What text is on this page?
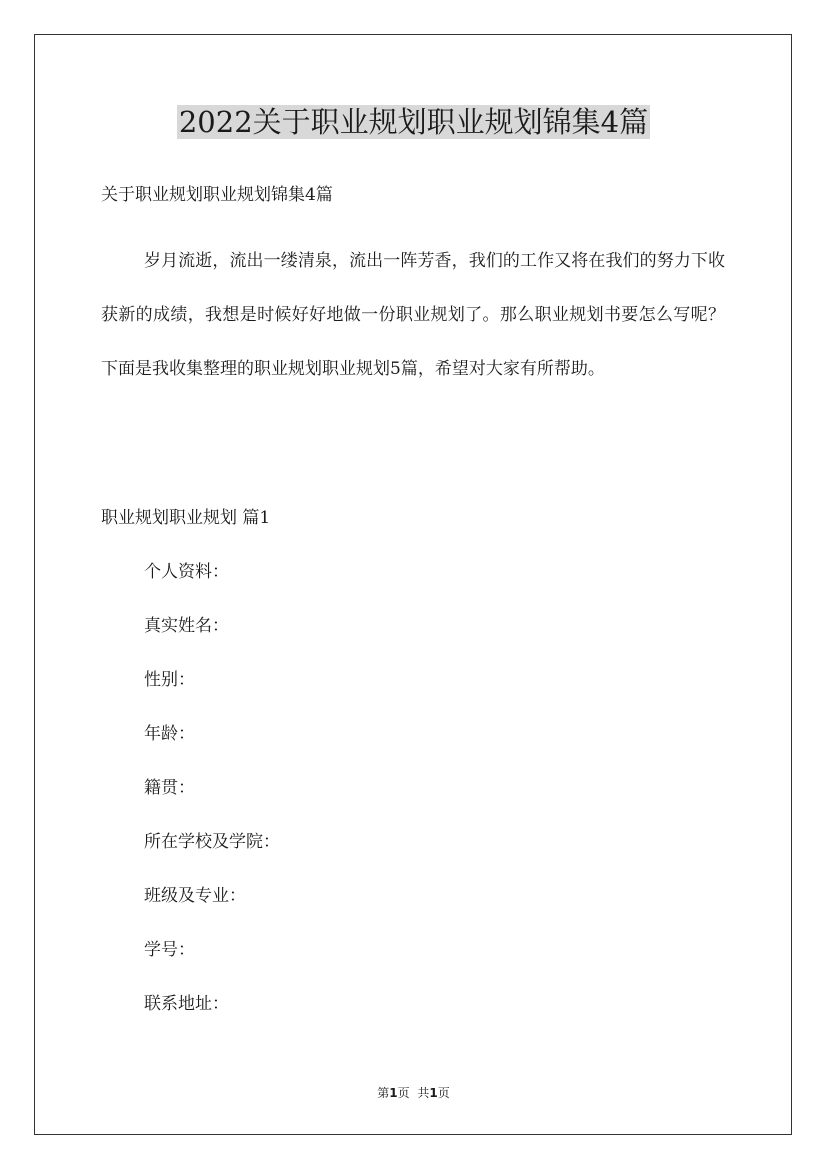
2022关于职业规划职业规划锦集4篇
关于职业规划职业规划锦集4篇

岁月流逝，流出一缕清泉，流出一阵芳香，我们的工作又将在我们的努力下收获新的成绩，我想是时候好好地做一份职业规划了。那么职业规划书要怎么写呢？下面是我收集整理的职业规划职业规划5篇，希望对大家有所帮助。

职业规划职业规划 篇1
个人资料：
真实姓名：
性别：
年龄：
籍贯：
所在学校及学院：
班级及专业：
学号：
联系地址：
第1页 共1页
